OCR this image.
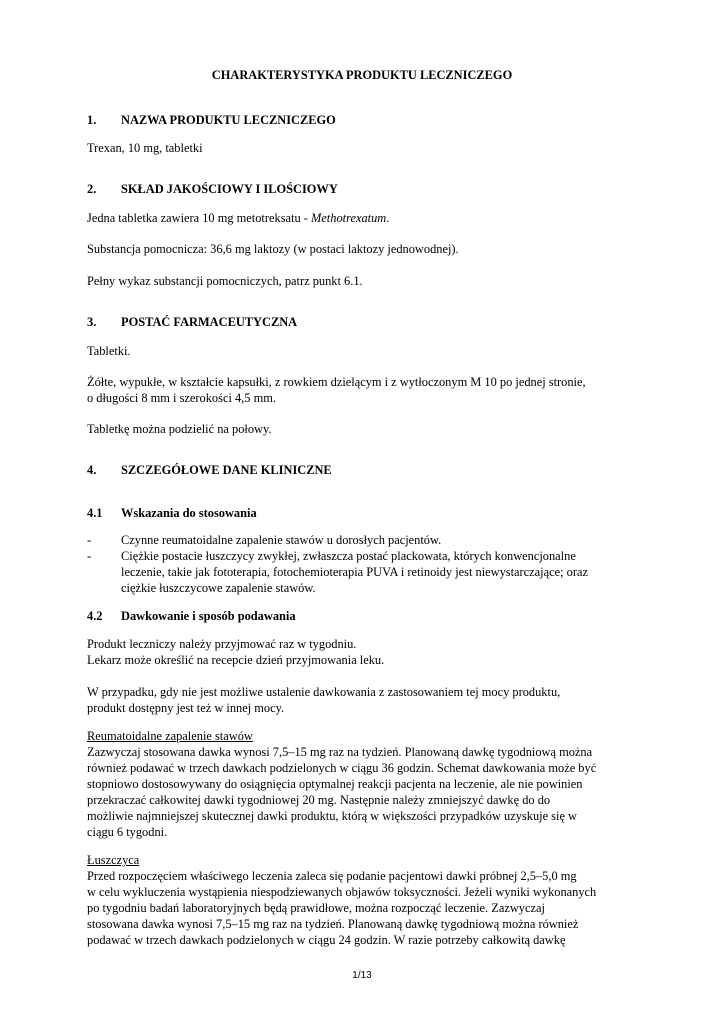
CHARAKTERYSTYKA PRODUKTU LECZNICZEGO
1. NAZWA PRODUKTU LECZNICZEGO
Trexan, 10 mg, tabletki
2. SKŁAD JAKOŚCIOWY I ILOŚCIOWY
Jedna tabletka zawiera 10 mg metotreksatu - Methotrexatum.
Substancja pomocnicza: 36,6 mg laktozy (w postaci laktozy jednowodnej).
Pełny wykaz substancji pomocniczych, patrz punkt 6.1.
3. POSTAĆ FARMACEUTYCZNA
Tabletki.
Żółte, wypukłe, w kształcie kapsułki, z rowkiem dzielącym i z wytłoczonym M 10 po jednej stronie,
o długości 8 mm i szerokości 4,5 mm.
Tabletkę można podzielić na połowy.
4. SZCZEGÓŁOWE DANE KLINICZNE
4.1 Wskazania do stosowania
- Czynne reumatoidalne zapalenie stawów u dorosłych pacjentów.
- Ciężkie postacie łuszczycy zwykłej, zwłaszcza postać plackowata, których konwencjonalne
leczenie, takie jak fototerapia, fotochemioterapia PUVA i retinoidy jest niewystarczające; oraz
ciężkie łuszczycowe zapalenie stawów.
4.2 Dawkowanie i sposób podawania
Produkt leczniczy należy przyjmować raz w tygodniu.
Lekarz może określić na recepcie dzień przyjmowania leku.
W przypadku, gdy nie jest możliwe ustalenie dawkowania z zastosowaniem tej mocy produktu,
produkt dostępny jest też w innej mocy.
Reumatoidalne zapalenie stawów
Zazwyczaj stosowana dawka wynosi 7,5–15 mg raz na tydzień. Planowaną dawkę tygodniową można
również podawać w trzech dawkach podzielonych w ciągu 36 godzin. Schemat dawkowania może być
stopniowo dostosowywany do osiągnięcia optymalnej reakcji pacjenta na leczenie, ale nie powinien
przekraczać całkowitej dawki tygodniowej 20 mg. Następnie należy zmniejszyć dawkę do do
możliwie najmniejszej skutecznej dawki produktu, którą w większości przypadków uzyskuje się w
ciągu 6 tygodni.
Łuszczyca
Przed rozpoczęciem właściwego leczenia zaleca się podanie pacjentowi dawki próbnej 2,5–5,0 mg
w celu wykluczenia wystąpienia niespodziewanych objawów toksyczności. Jeżeli wyniki wykonanych
po tygodniu badań laboratoryjnych będą prawidłowe, można rozpocząć leczenie. Zazwyczaj
stosowana dawka wynosi 7,5–15 mg raz na tydzień. Planowaną dawkę tygodniową można również
podawać w trzech dawkach podzielonych w ciągu 24 godzin. W razie potrzeby całkowitą dawkę
1/13
